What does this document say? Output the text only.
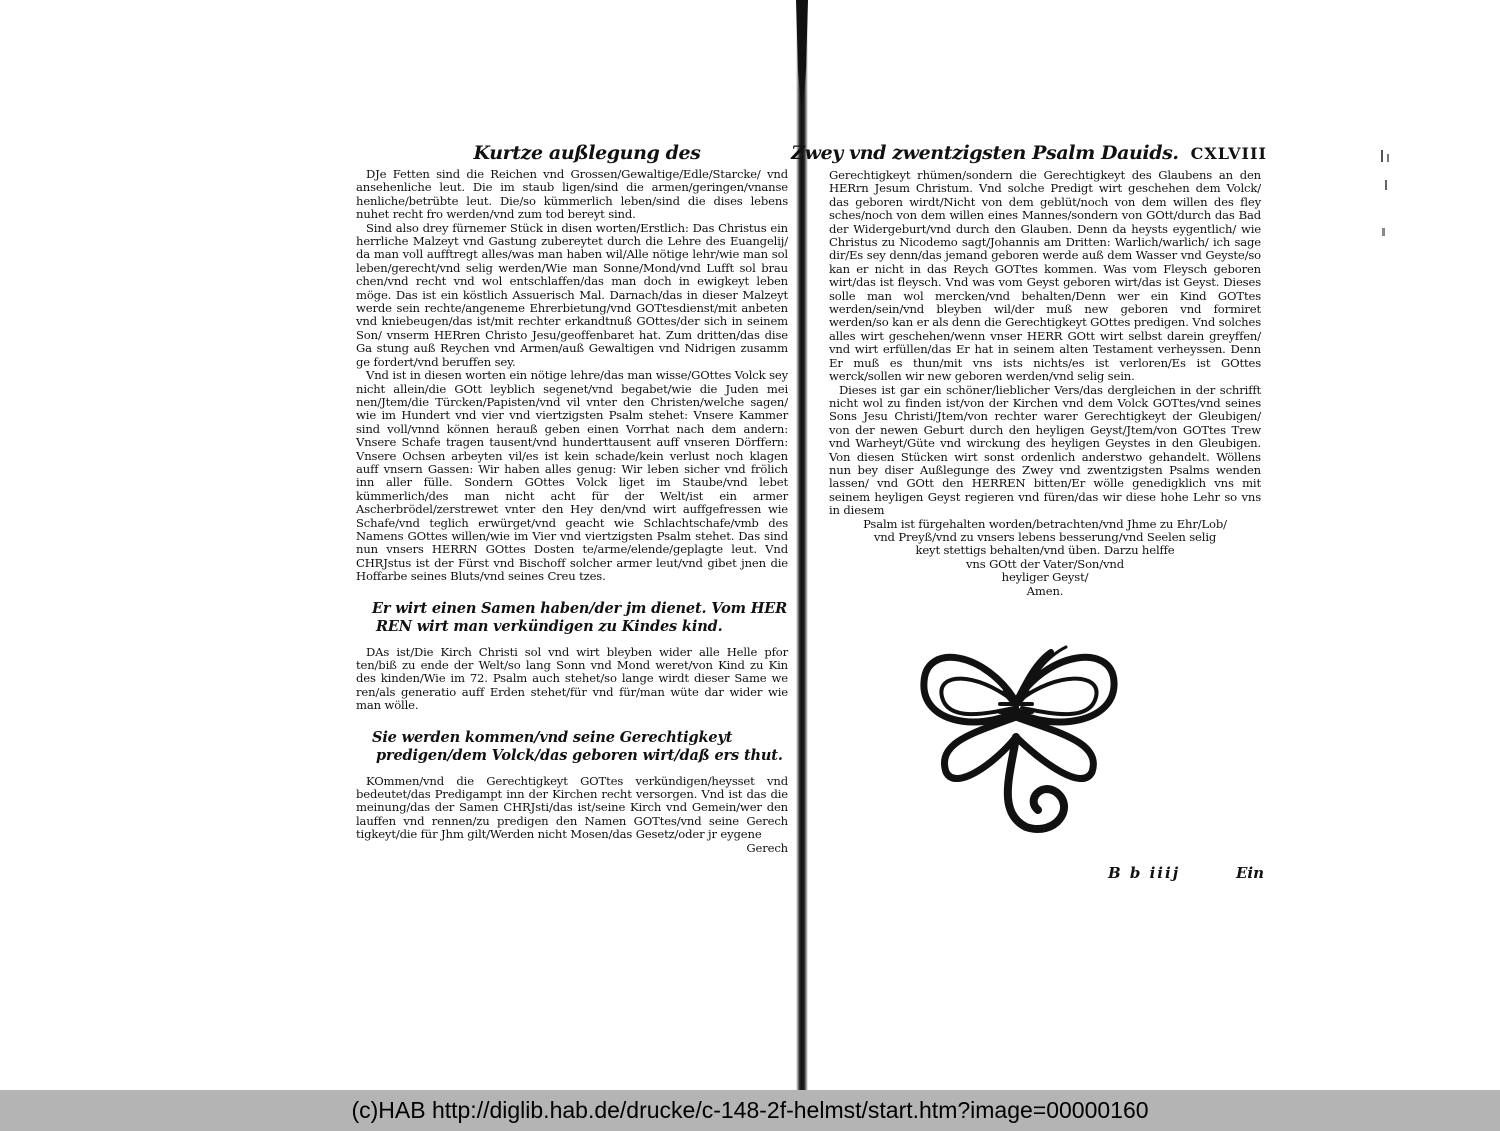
Kurtze außlegung des

DJe Fetten sind die Reichen vnd Grossen/Gewaltige/Edle/Starcke/ vnd ansehenliche leut. Die im staub ligen/sind die armen/geringen/vnanse henliche/betrübte leut. Die/so kümmerlich leben/sind die dises lebens nuhet recht fro werden/vnd zum tod bereyt sind.

Sind also drey fürnemer Stück in disen worten/Erstlich: Das Christus ein herrliche Malzeyt vnd Gastung zubereytet durch die Lehre des Euangelij/ da man voll aufftregt alles/was man haben wil/Alle nötige lehr/wie man sol leben/gerecht/vnd selig werden/Wie man Sonne/Mond/vnd Lufft sol brau chen/vnd recht vnd wol entschlaffen/das man doch in ewigkeyt leben möge. Das ist ein köstlich Assuerisch Mal. Darnach/das in dieser Malzeyt werde sein rechte/angeneme Ehrerbietung/vnd GOTtesdienst/mit anbeten vnd kniebeugen/das ist/mit rechter erkandtnuß GOttes/der sich in seinem Son/ vnserm HERren Christo Jesu/geoffenbaret hat. Zum dritten/das dise Ga stung auß Reychen vnd Armen/auß Gewaltigen vnd Nidrigen zusamm ge fordert/vnd beruffen sey.

Vnd ist in diesen worten ein nötige lehre/das man wisse/GOttes Volck sey nicht allein/die GOtt leyblich segenet/vnd begabet/wie die Juden mei nen/Jtem/die Türcken/Papisten/vnd vil vnter den Christen/welche sagen/ wie im Hundert vnd vier vnd viertzigsten Psalm stehet: Vnsere Kammer sind voll/vnnd können herauß geben einen Vorrhat nach dem andern: Vnsere Schafe tragen tausent/vnd hunderttausent auff vnseren Dörffern: Vnsere Ochsen arbeyten vil/es ist kein schade/kein verlust noch klagen auff vnsern Gassen: Wir haben alles genug: Wir leben sicher vnd frölich inn aller fülle. Sondern GOttes Volck liget im Staube/vnd lebet kümmerlich/des man nicht acht für der Welt/ist ein armer Ascherbrödel/zerstrewet vnter den Hey den/vnd wirt auffgefressen wie Schafe/vnd teglich erwürget/vnd geacht wie Schlachtschafe/vmb des Namens GOttes willen/wie im Vier vnd viertzigsten Psalm stehet. Das sind nun vnsers HERRN GOttes Dosten te/arme/elende/geplagte leut. Vnd CHRJstus ist der Fürst vnd Bischoff solcher armer leut/vnd gibet jnen die Hoffarbe seines Bluts/vnd seines Creu tzes.

Er wirt einen Samen haben/der jm dienet. Vom HER REN wirt man verkündigen zu Kindes kind.

DAs ist/Die Kirch Christi sol vnd wirt bleyben wider alle Helle pfor ten/biß zu ende der Welt/so lang Sonn vnd Mond weret/von Kind zu Kin des kinden/Wie im 72. Psalm auch stehet/so lange wirdt dieser Same we ren/als generatio auff Erden stehet/für vnd für/man wüte dar wider wie man wölle.

Sie werden kommen/vnd seine Gerechtigkeyt predigen/dem Volck/das geboren wirt/daß ers thut.

KOmmen/vnd die Gerechtigkeyt GOTtes verkündigen/heysset vnd bedeutet/das Predigampt inn der Kirchen recht versorgen. Vnd ist das die meinung/das der Samen CHRJsti/das ist/seine Kirch vnd Gemein/wer den lauffen vnd rennen/zu predigen den Namen GOTtes/vnd seine Gerech tigkeyt/die für Jhm gilt/Werden nicht Mosen/das Gesetz/oder jr eygene

Gerech
Zwey vnd zwentzigsten Psalm Dauids. CXLVIII

Gerechtigkeyt rhümen/sondern die Gerechtigkeyt des Glaubens an den HERrn Jesum Christum. Vnd solche Predigt wirt geschehen dem Volck/ das geboren wirdt/Nicht von dem geblüt/noch von dem willen des fley sches/noch von dem willen eines Mannes/sondern von GOtt/durch das Bad der Widergeburt/vnd durch den Glauben. Denn da heysts eygentlich/ wie Christus zu Nicodemo sagt/Johannis am Dritten: Warlich/warlich/ ich sage dir/Es sey denn/das jemand geboren werde auß dem Wasser vnd Geyste/so kan er nicht in das Reych GOTtes kommen. Was vom Fleysch geboren wirt/das ist fleysch. Vnd was vom Geyst geboren wirt/das ist Geyst. Dieses solle man wol mercken/vnd behalten/Denn wer ein Kind GOTtes werden/sein/vnd bleyben wil/der muß new geboren vnd formiret werden/so kan er als denn die Gerechtigkeyt GOttes predigen. Vnd solches alles wirt geschehen/wenn vnser HERR GOtt wirt selbst darein greyffen/ vnd wirt erfüllen/das Er hat in seinem alten Testament verheyssen. Denn Er muß es thun/mit vns ists nichts/es ist verloren/Es ist GOttes werck/sollen wir new geboren werden/vnd selig sein.

Dieses ist gar ein schöner/lieblicher Vers/das dergleichen in der schrifft nicht wol zu finden ist/von der Kirchen vnd dem Volck GOTtes/vnd seines Sons Jesu Christi/Jtem/von rechter warer Gerechtigkeyt der Gleubigen/ von der newen Geburt durch den heyligen Geyst/Jtem/von GOTtes Trew vnd Warheyt/Güte vnd wirckung des heyligen Geystes in den Gleubigen. Von diesen Stücken wirt sonst ordenlich anderstwo gehandelt. Wöllens nun bey diser Außlegunge des Zwey vnd zwentzigsten Psalms wenden lassen/ vnd GOtt den HERREN bitten/Er wölle genedigklich vns mit seinem heyligen Geyst regieren vnd füren/das wir diese hohe Lehr so vns in diesem

Psalm ist fürgehalten worden/betrachten/vnd Jhme zu Ehr/Lob/
vnd Preyß/vnd zu vnsers lebens besserung/vnd Seelen selig
keyt stettigs behalten/vnd üben. Darzu helffe
vns GOtt der Vater/Son/vnd
heyliger Geyst/
Amen.
B b iiij	Ein
(c)HAB http://diglib.hab.de/drucke/c-148-2f-helmst/start.htm?image=00000160
